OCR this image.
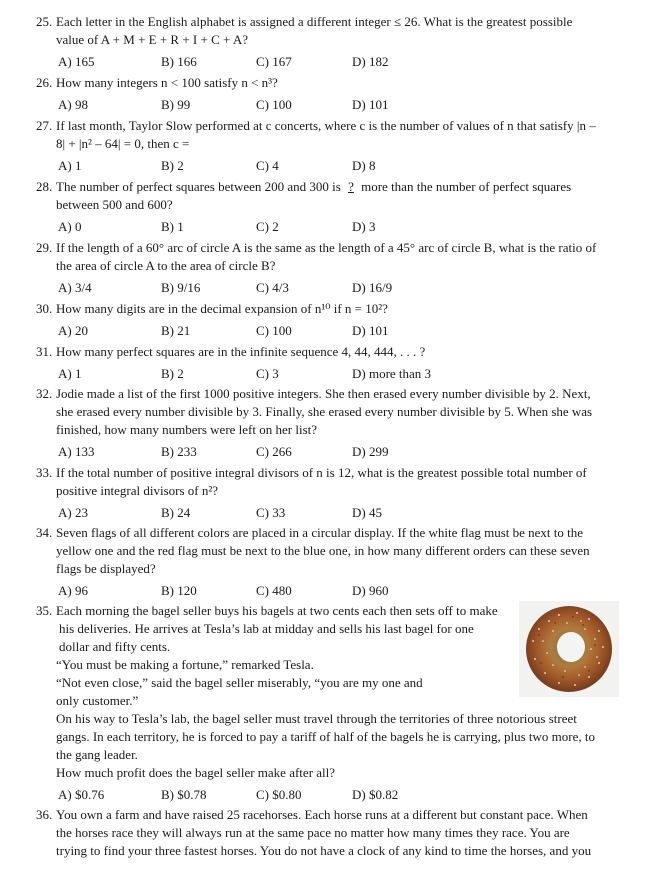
25. Each letter in the English alphabet is assigned a different integer ≤ 26. What is the greatest possible
value of A + M + E + R + I + C + A?
A) 165	B) 166	C) 167	D) 182
26. How many integers n < 100 satisfy n < n³?
A) 98	B) 99	C) 100	D) 101
27. If last month, Taylor Slow performed at c concerts, where c is the number of values of n that satisfy |n –
8| + |n² – 64| = 0, then c =
A) 1	B) 2	C) 4	D) 8
28. The number of perfect squares between 200 and 300 is ? more than the number of perfect squares
between 500 and 600?
A) 0	B) 1	C) 2	D) 3
29. If the length of a 60° arc of circle A is the same as the length of a 45° arc of circle B, what is the ratio of
the area of circle A to the area of circle B?
A) 3/4	B) 9/16	C) 4/3	D) 16/9
30. How many digits are in the decimal expansion of n¹⁰ if n = 10²?
A) 20	B) 21	C) 100	D) 101
31. How many perfect squares are in the infinite sequence 4, 44, 444, . . . ?
A) 1	B) 2	C) 3	D) more than 3
32. Jodie made a list of the first 1000 positive integers. She then erased every number divisible by 2. Next,
she erased every number divisible by 3. Finally, she erased every number divisible by 5. When she was
finished, how many numbers were left on her list?
A) 133	B) 233	C) 266	D) 299
33. If the total number of positive integral divisors of n is 12, what is the greatest possible total number of
positive integral divisors of n²?
A) 23	B) 24	C) 33	D) 45
34. Seven flags of all different colors are placed in a circular display. If the white flag must be next to the
yellow one and the red flag must be next to the blue one, in how many different orders can these seven
flags be displayed?
A) 96	B) 120	C) 480	D) 960
35. Each morning the bagel seller buys his bagels at two cents each then sets off to make
his deliveries. He arrives at Tesla’s lab at midday and sells his last bagel for one
dollar and fifty cents.
“You must be making a fortune,” remarked Tesla.
“Not even close,” said the bagel seller miserably, “you are my one and
only customer.”
On his way to Tesla’s lab, the bagel seller must travel through the territories of three notorious street
gangs. In each territory, he is forced to pay a tariff of half of the bagels he is carrying, plus two more, to
the gang leader.
How much profit does the bagel seller make after all?
A) $0.76	B) $0.78	C) $0.80	D) $0.82
36. You own a farm and have raised 25 racehorses. Each horse runs at a different but constant pace. When
the horses race they will always run at the same pace no matter how many times they race. You are
trying to find your three fastest horses. You do not have a clock of any kind to time the horses, and you
